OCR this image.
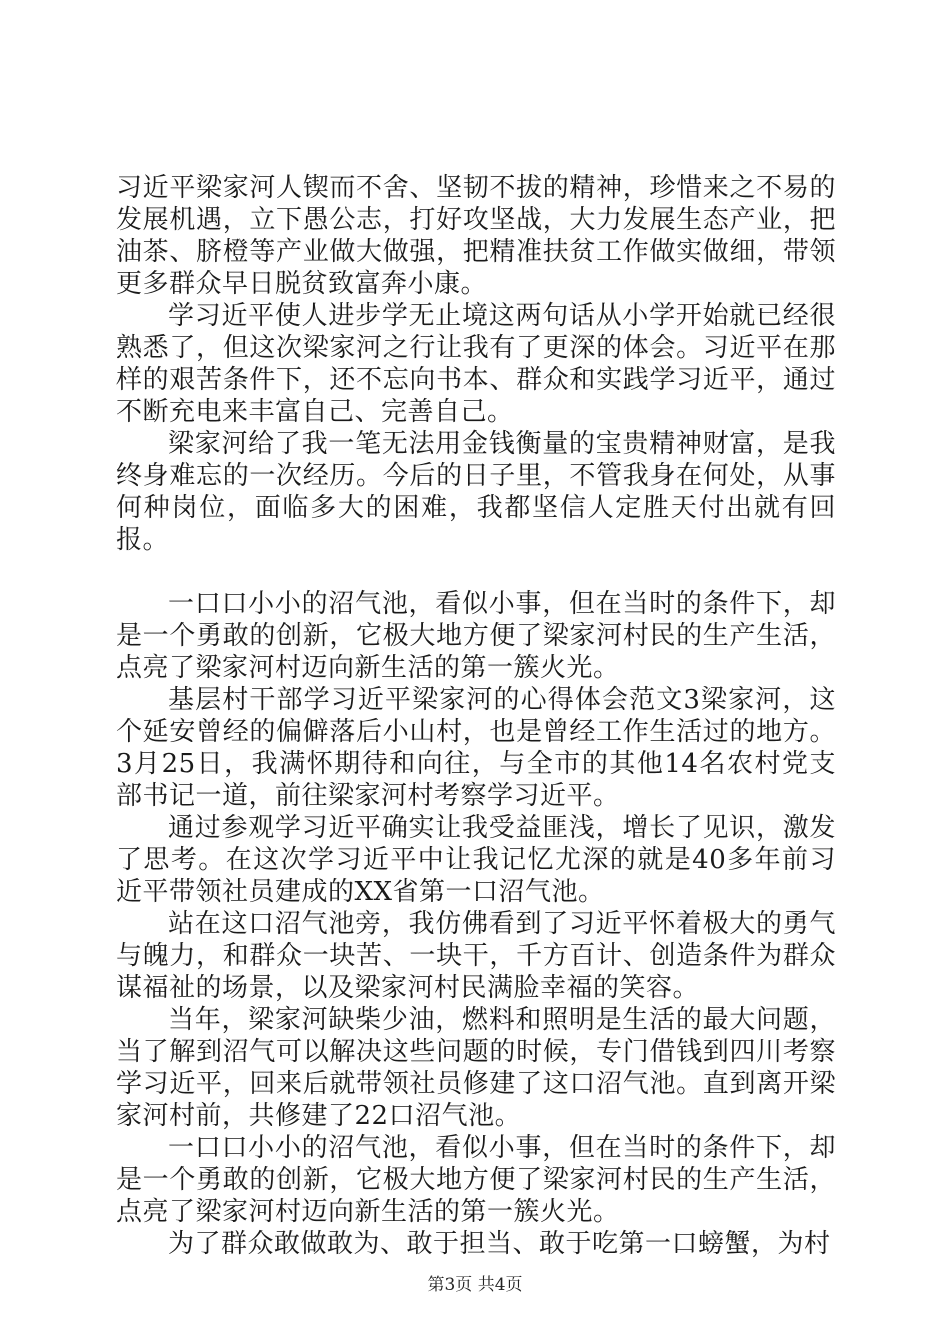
习近平梁家河人锲而不舍、坚韧不拔的精神，珍惜来之不易的发展机遇，立下愚公志，打好攻坚战，大力发展生态产业，把油茶、脐橙等产业做大做强，把精准扶贫工作做实做细，带领更多群众早日脱贫致富奔小康。

学习近平使人进步学无止境这两句话从小学开始就已经很熟悉了，但这次梁家河之行让我有了更深的体会。习近平在那样的艰苦条件下，还不忘向书本、群众和实践学习近平，通过不断充电来丰富自己、完善自己。

梁家河给了我一笔无法用金钱衡量的宝贵精神财富，是我终身难忘的一次经历。今后的日子里，不管我身在何处，从事何种岗位，面临多大的困难，我都坚信人定胜天付出就有回报。

一口口小小的沼气池，看似小事，但在当时的条件下，却是一个勇敢的创新，它极大地方便了梁家河村民的生产生活，点亮了梁家河村迈向新生活的第一簇火光。

基层村干部学习近平梁家河的心得体会范文3梁家河，这个延安曾经的偏僻落后小山村，也是曾经工作生活过的地方。3月25日，我满怀期待和向往，与全市的其他14名农村党支部书记一道，前往梁家河村考察学习近平。

通过参观学习近平确实让我受益匪浅，增长了见识，激发了思考。在这次学习近平中让我记忆尤深的就是40多年前习近平带领社员建成的XX省第一口沼气池。

站在这口沼气池旁，我仿佛看到了习近平怀着极大的勇气与魄力，和群众一块苦、一块干，千方百计、创造条件为群众谋福祉的场景，以及梁家河村民满脸幸福的笑容。

当年，梁家河缺柴少油，燃料和照明是生活的最大问题，当了解到沼气可以解决这些问题的时候，专门借钱到四川考察学习近平，回来后就带领社员修建了这口沼气池。直到离开梁家河村前，共修建了22口沼气池。

一口口小小的沼气池，看似小事，但在当时的条件下，却是一个勇敢的创新，它极大地方便了梁家河村民的生产生活，点亮了梁家河村迈向新生活的第一簇火光。

为了群众敢做敢为、敢于担当、敢于吃第一口螃蟹，为村

第3页 共4页
